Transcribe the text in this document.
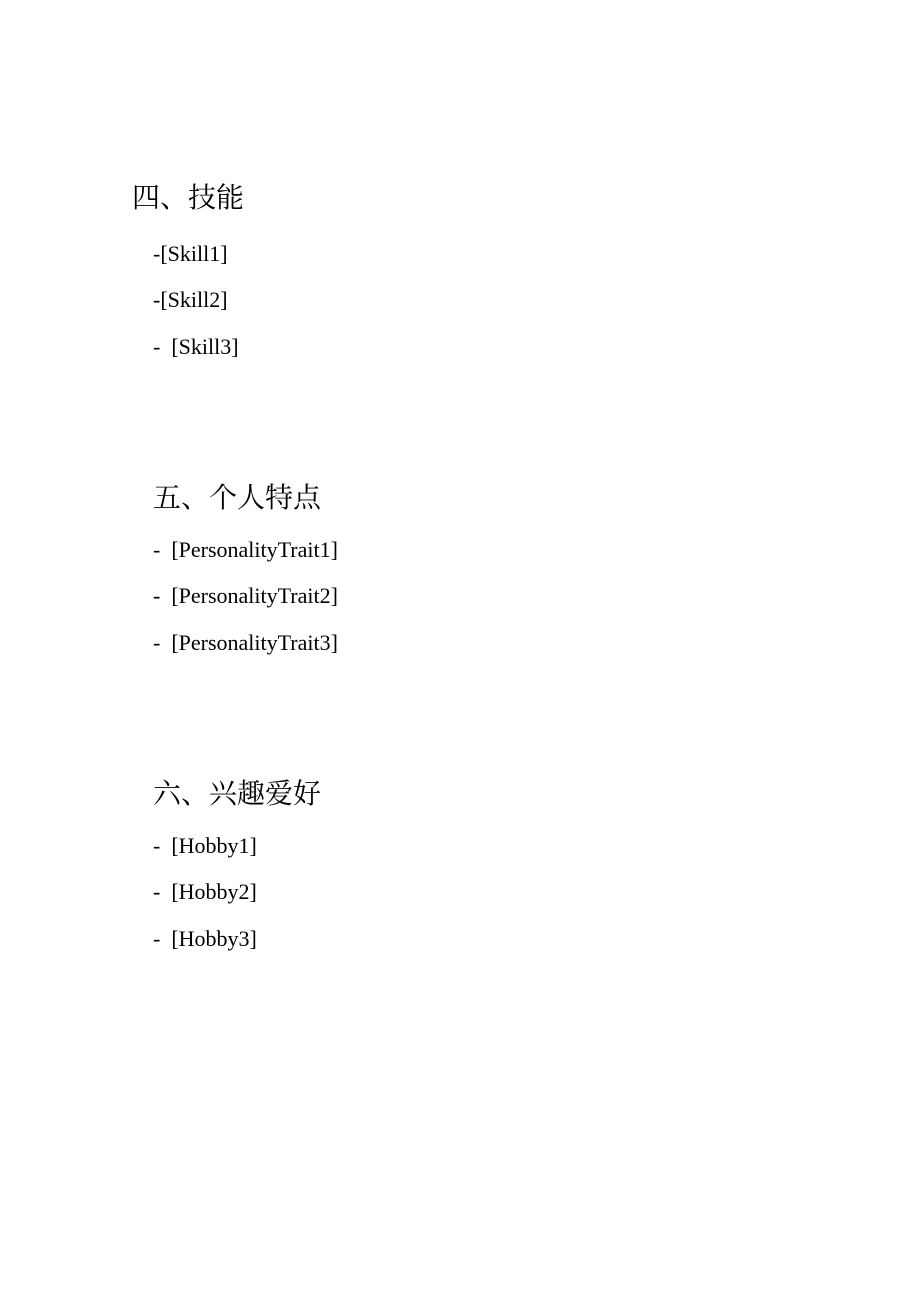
四、技能

-[Skill1]

-[Skill2]

-  [Skill3]

五、个人特点

-  [PersonalityTrait1]

-  [PersonalityTrait2]

-  [PersonalityTrait3]

六、兴趣爱好

-  [Hobby1]

-  [Hobby2]

-  [Hobby3]
